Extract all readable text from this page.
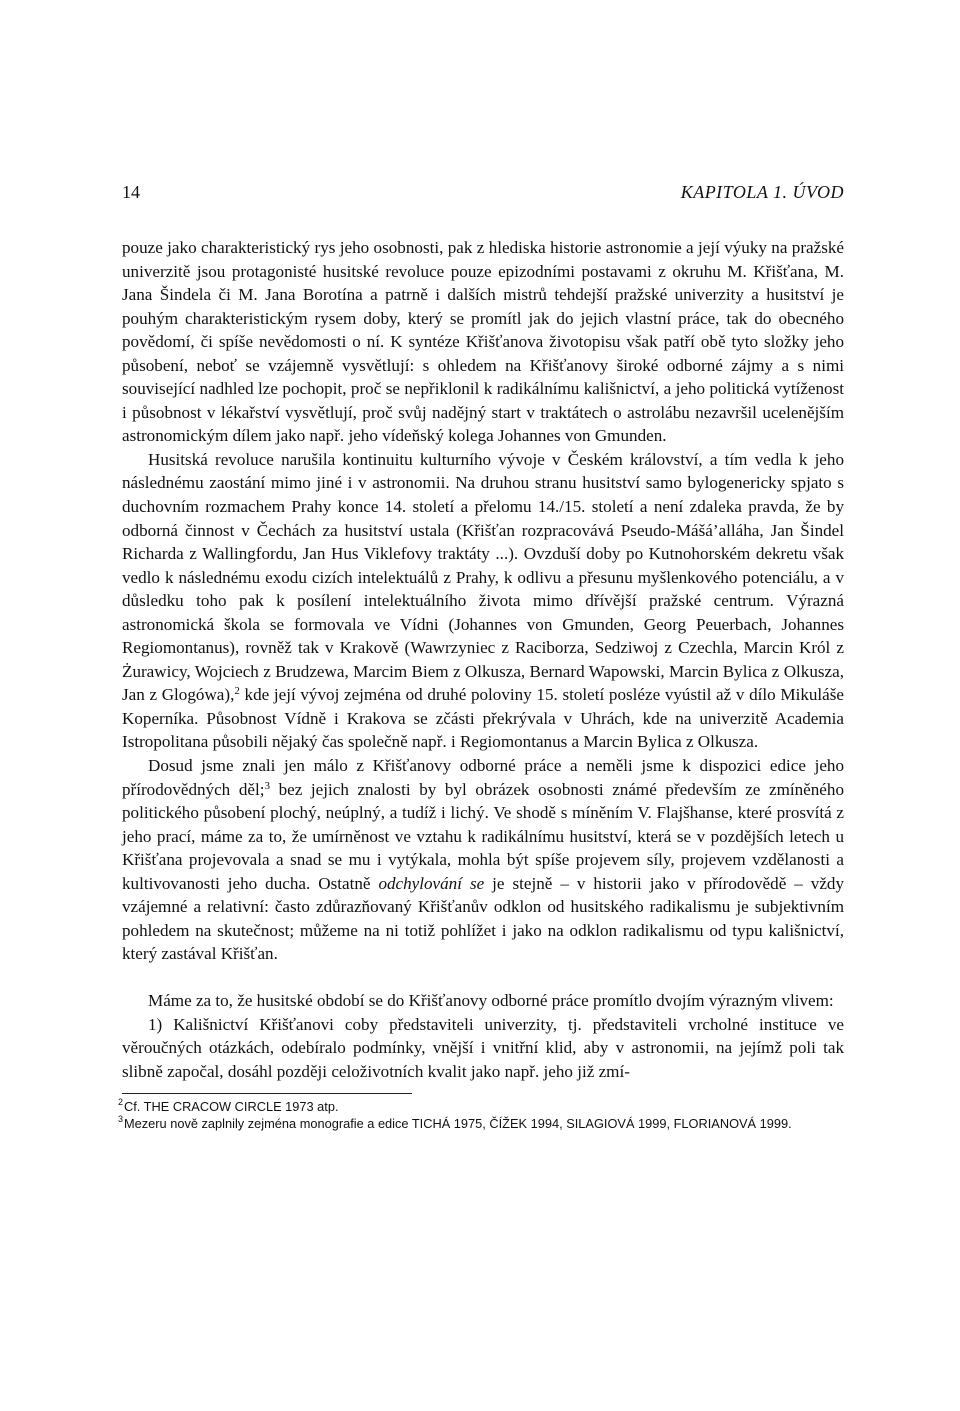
14	KAPITOLA 1. ÚVOD

pouze jako charakteristický rys jeho osobnosti, pak z hlediska historie astronomie a její výuky na pražské univerzitě jsou protagonisté husitské revoluce pouze epizodními postavami z okruhu M. Křišťana, M. Jana Šindela či M. Jana Borotína a patrně i dalších mistrů tehdejší pražské univerzity a husitství je pouhým charakteristickým rysem doby, který se promítl jak do jejich vlastní práce, tak do obecného povědomí, či spíše nevědomosti o ní. K syntéze Křišťanova životopisu však patří obě tyto složky jeho působení, neboť se vzájemně vysvětlují: s ohledem na Křišťanovy široké odborné zájmy a s nimi související nadhled lze pochopit, proč se nepřiklonil k radikálnímu kališnictví, a jeho politická vytíženost i působnost v lékařství vysvětlují, proč svůj nadějný start v traktátech o astrolábu nezavršil ucelenějším astronomickým dílem jako např. jeho vídeňský kolega Johannes von Gmunden.

Husitská revoluce narušila kontinuitu kulturního vývoje v Českém království, a tím vedla k jeho následnému zaostání mimo jiné i v astronomii. Na druhou stranu husitství samo bylogenericky spjato s duchovním rozmachem Prahy konce 14. století a přelomu 14./15. století a není zdaleka pravda, že by odborná činnost v Čechách za husitství ustala (Křišťan rozpracovává Pseudo-Mášá’alláha, Jan Šindel Richarda z Wallingfordu, Jan Hus Viklefovy traktáty ...). Ovzduší doby po Kutnohorském dekretu však vedlo k následnému exodu cizích intelektuálů z Prahy, k odlivu a přesunu myšlenkového potenciálu, a v důsledku toho pak k posílení intelektuálního života mimo dřívější pražské centrum. Výrazná astronomická škola se formovala ve Vídni (Johannes von Gmunden, Georg Peuerbach, Johannes Regiomontanus), rovněž tak v Krakově (Wawrzyniec z Raciborza, Sedziwoj z Czechla, Marcin Król z Żurawicy, Wojciech z Brudzewa, Marcim Biem z Olkusza, Bernard Wapowski, Marcin Bylica z Olkusza, Jan z Glogówa),$^2$ kde její vývoj zejména od druhé poloviny 15. století posléze vyústil až v dílo Mikuláše Koperníka. Působnost Vídně i Krakova se zčásti překrývala v Uhrách, kde na univerzitě Academia Istropolitana působili nějaký čas společně např. i Regiomontanus a Marcin Bylica z Olkusza.

Dosud jsme znali jen málo z Křišťanovy odborné práce a neměli jsme k dispozici edice jeho přírodovědných děl;$^3$ bez jejich znalosti by byl obrázek osobnosti známé především ze zmíněného politického působení plochý, neúplný, a tudíž i lichý. Ve shodě s míněním V. Flajšhanse, které prosvítá z jeho prací, máme za to, že umírněnost ve vztahu k radikálnímu husitství, která se v pozdějších letech u Křišťana projevovala a snad se mu i vytýkala, mohla být spíše projevem síly, projevem vzdělanosti a kultivovanosti jeho ducha. Ostatně odchylování se je stejně – v historii jako v přírodovědě – vždy vzájemné a relativní: často zdůrazňovaný Křišťanův odklon od husitského radikalismu je subjektivním pohledem na skutečnost; můžeme na ni totiž pohlížet i jako na odklon radikalismu od typu kališnictví, který zastával Křišťan.

Máme za to, že husitské období se do Křišťanovy odborné práce promítlo dvojím výrazným vlivem:

1) Kališnictví Křišťanovi coby představiteli univerzity, tj. představiteli vrcholné instituce ve věroučných otázkách, odebíralo podmínky, vnější i vnitřní klid, aby v astronomii, na jejímž poli tak slibně započal, dosáhl později celoživotních kvalit jako např. jeho již zmí-

2 Cf. THE CRACOW CIRCLE 1973 atp.

3 Mezeru nově zaplnily zejména monografie a edice TICHÁ 1975, ČÍŽEK 1994, SILAGIOVÁ 1999, FLORIANOVÁ 1999.
